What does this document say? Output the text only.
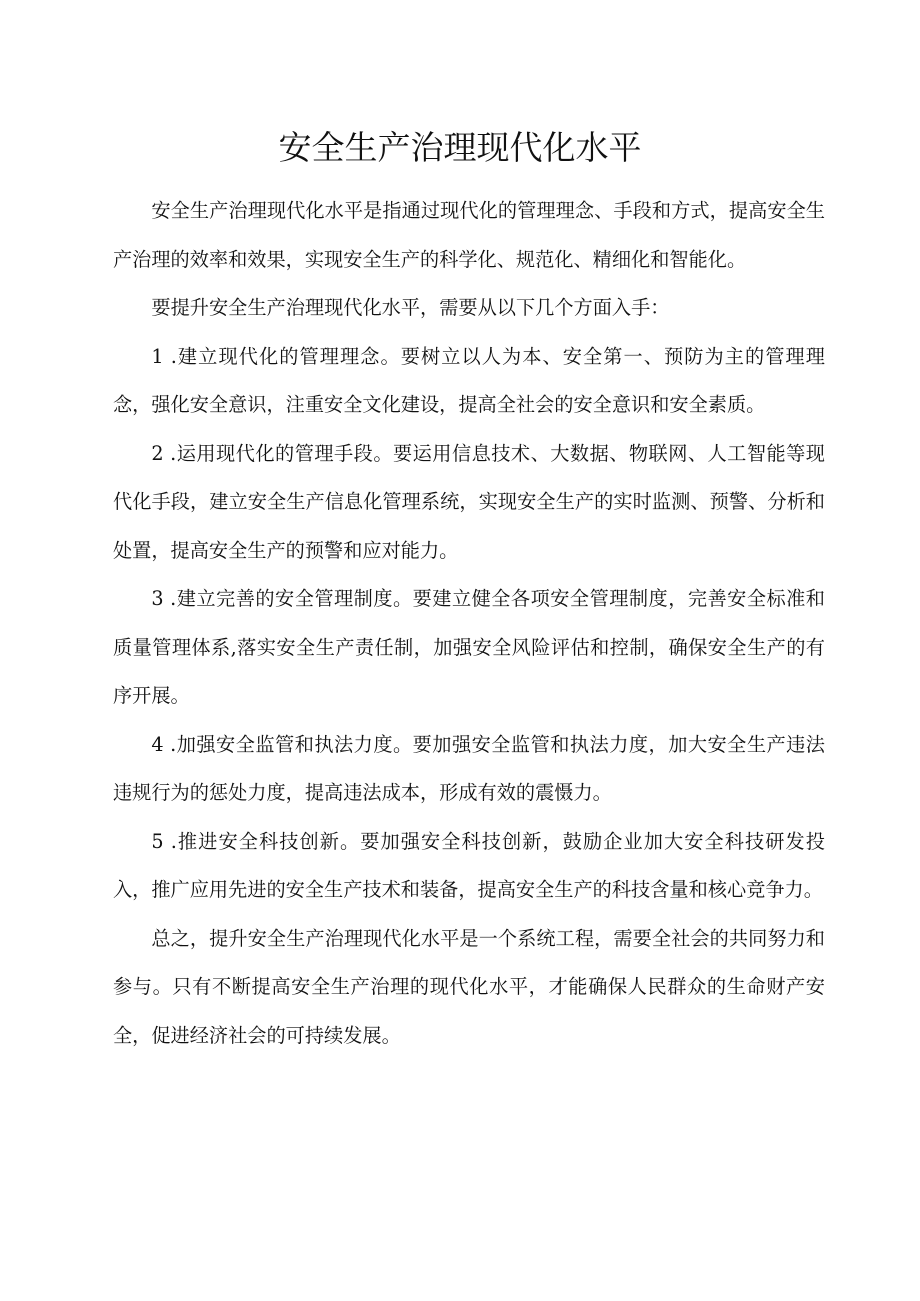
安全生产治理现代化水平

安全生产治理现代化水平是指通过现代化的管理理念、手段和方式，提高安全生产治理的效率和效果，实现安全生产的科学化、规范化、精细化和智能化。

要提升安全生产治理现代化水平，需要从以下几个方面入手：

1 .建立现代化的管理理念。要树立以人为本、安全第一、预防为主的管理理念，强化安全意识，注重安全文化建设，提高全社会的安全意识和安全素质。

2 .运用现代化的管理手段。要运用信息技术、大数据、物联网、人工智能等现代化手段，建立安全生产信息化管理系统，实现安全生产的实时监测、预警、分析和处置，提高安全生产的预警和应对能力。

3 .建立完善的安全管理制度。要建立健全各项安全管理制度，完善安全标准和质量管理体系,落实安全生产责任制，加强安全风险评估和控制，确保安全生产的有序开展。

4 .加强安全监管和执法力度。要加强安全监管和执法力度，加大安全生产违法违规行为的惩处力度，提高违法成本，形成有效的震慑力。

5 .推进安全科技创新。要加强安全科技创新，鼓励企业加大安全科技研发投入，推广应用先进的安全生产技术和装备，提高安全生产的科技含量和核心竞争力。

总之，提升安全生产治理现代化水平是一个系统工程，需要全社会的共同努力和参与。只有不断提高安全生产治理的现代化水平，才能确保人民群众的生命财产安全，促进经济社会的可持续发展。
